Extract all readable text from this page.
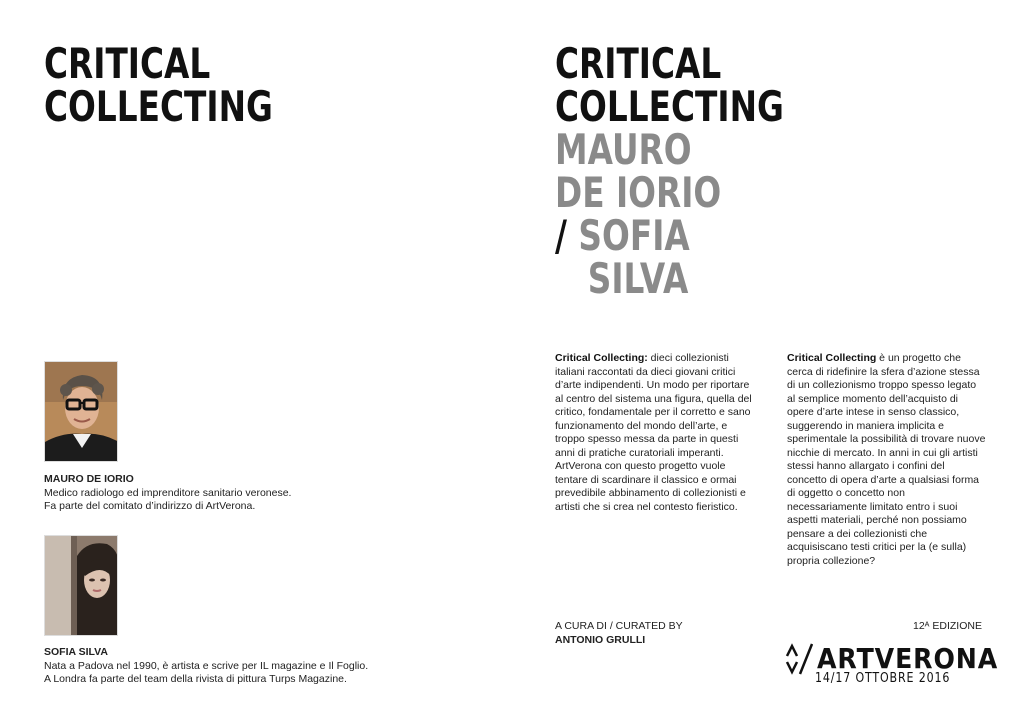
CRITICAL
COLLECTING
MAURO DE IORIO
Medico radiologo ed imprenditore sanitario veronese.
Fa parte del comitato d’indirizzo di ArtVerona.
SOFIA SILVA
Nata a Padova nel 1990, è artista e scrive per IL magazine e Il Foglio.
A Londra fa parte del team della rivista di pittura Turps Magazine.
CRITICAL
COLLECTING
MAURO
DE IORIO
/ SOFIA
SILVA

Critical Collecting: dieci collezionisti italiani raccontati da dieci giovani critici d’arte indipendenti. Un modo per riportare al centro del sistema una figura, quella del critico, fondamentale per il corretto e sano funzionamento del mondo dell’arte, e troppo spesso messa da parte in questi anni di pratiche curatoriali imperanti. ArtVerona con questo progetto vuole tentare di scardinare il classico e ormai prevedibile abbinamento di collezionisti e artisti che si crea nel contesto fieristico.

Critical Collecting è un progetto che cerca di ridefinire la sfera d’azione stessa di un collezionismo troppo spesso legato al semplice momento dell’acquisto di opere d’arte intese in senso classico, suggerendo in maniera implicita e sperimentale la possibilità di trovare nuove nicchie di mercato. In anni in cui gli artisti stessi hanno allargato i confini del concetto di opera d’arte a qualsiasi forma di oggetto o concetto non necessariamente limitato entro i suoi aspetti materiali, perché non possiamo pensare a dei collezionisti che acquisiscano testi critici per la (e sulla) propria collezione?

A CURA DI / CURATED BY
ANTONIO GRULLI
12ᴬ EDIZIONE
ARTVERONA
14/17 OTTOBRE 2016
